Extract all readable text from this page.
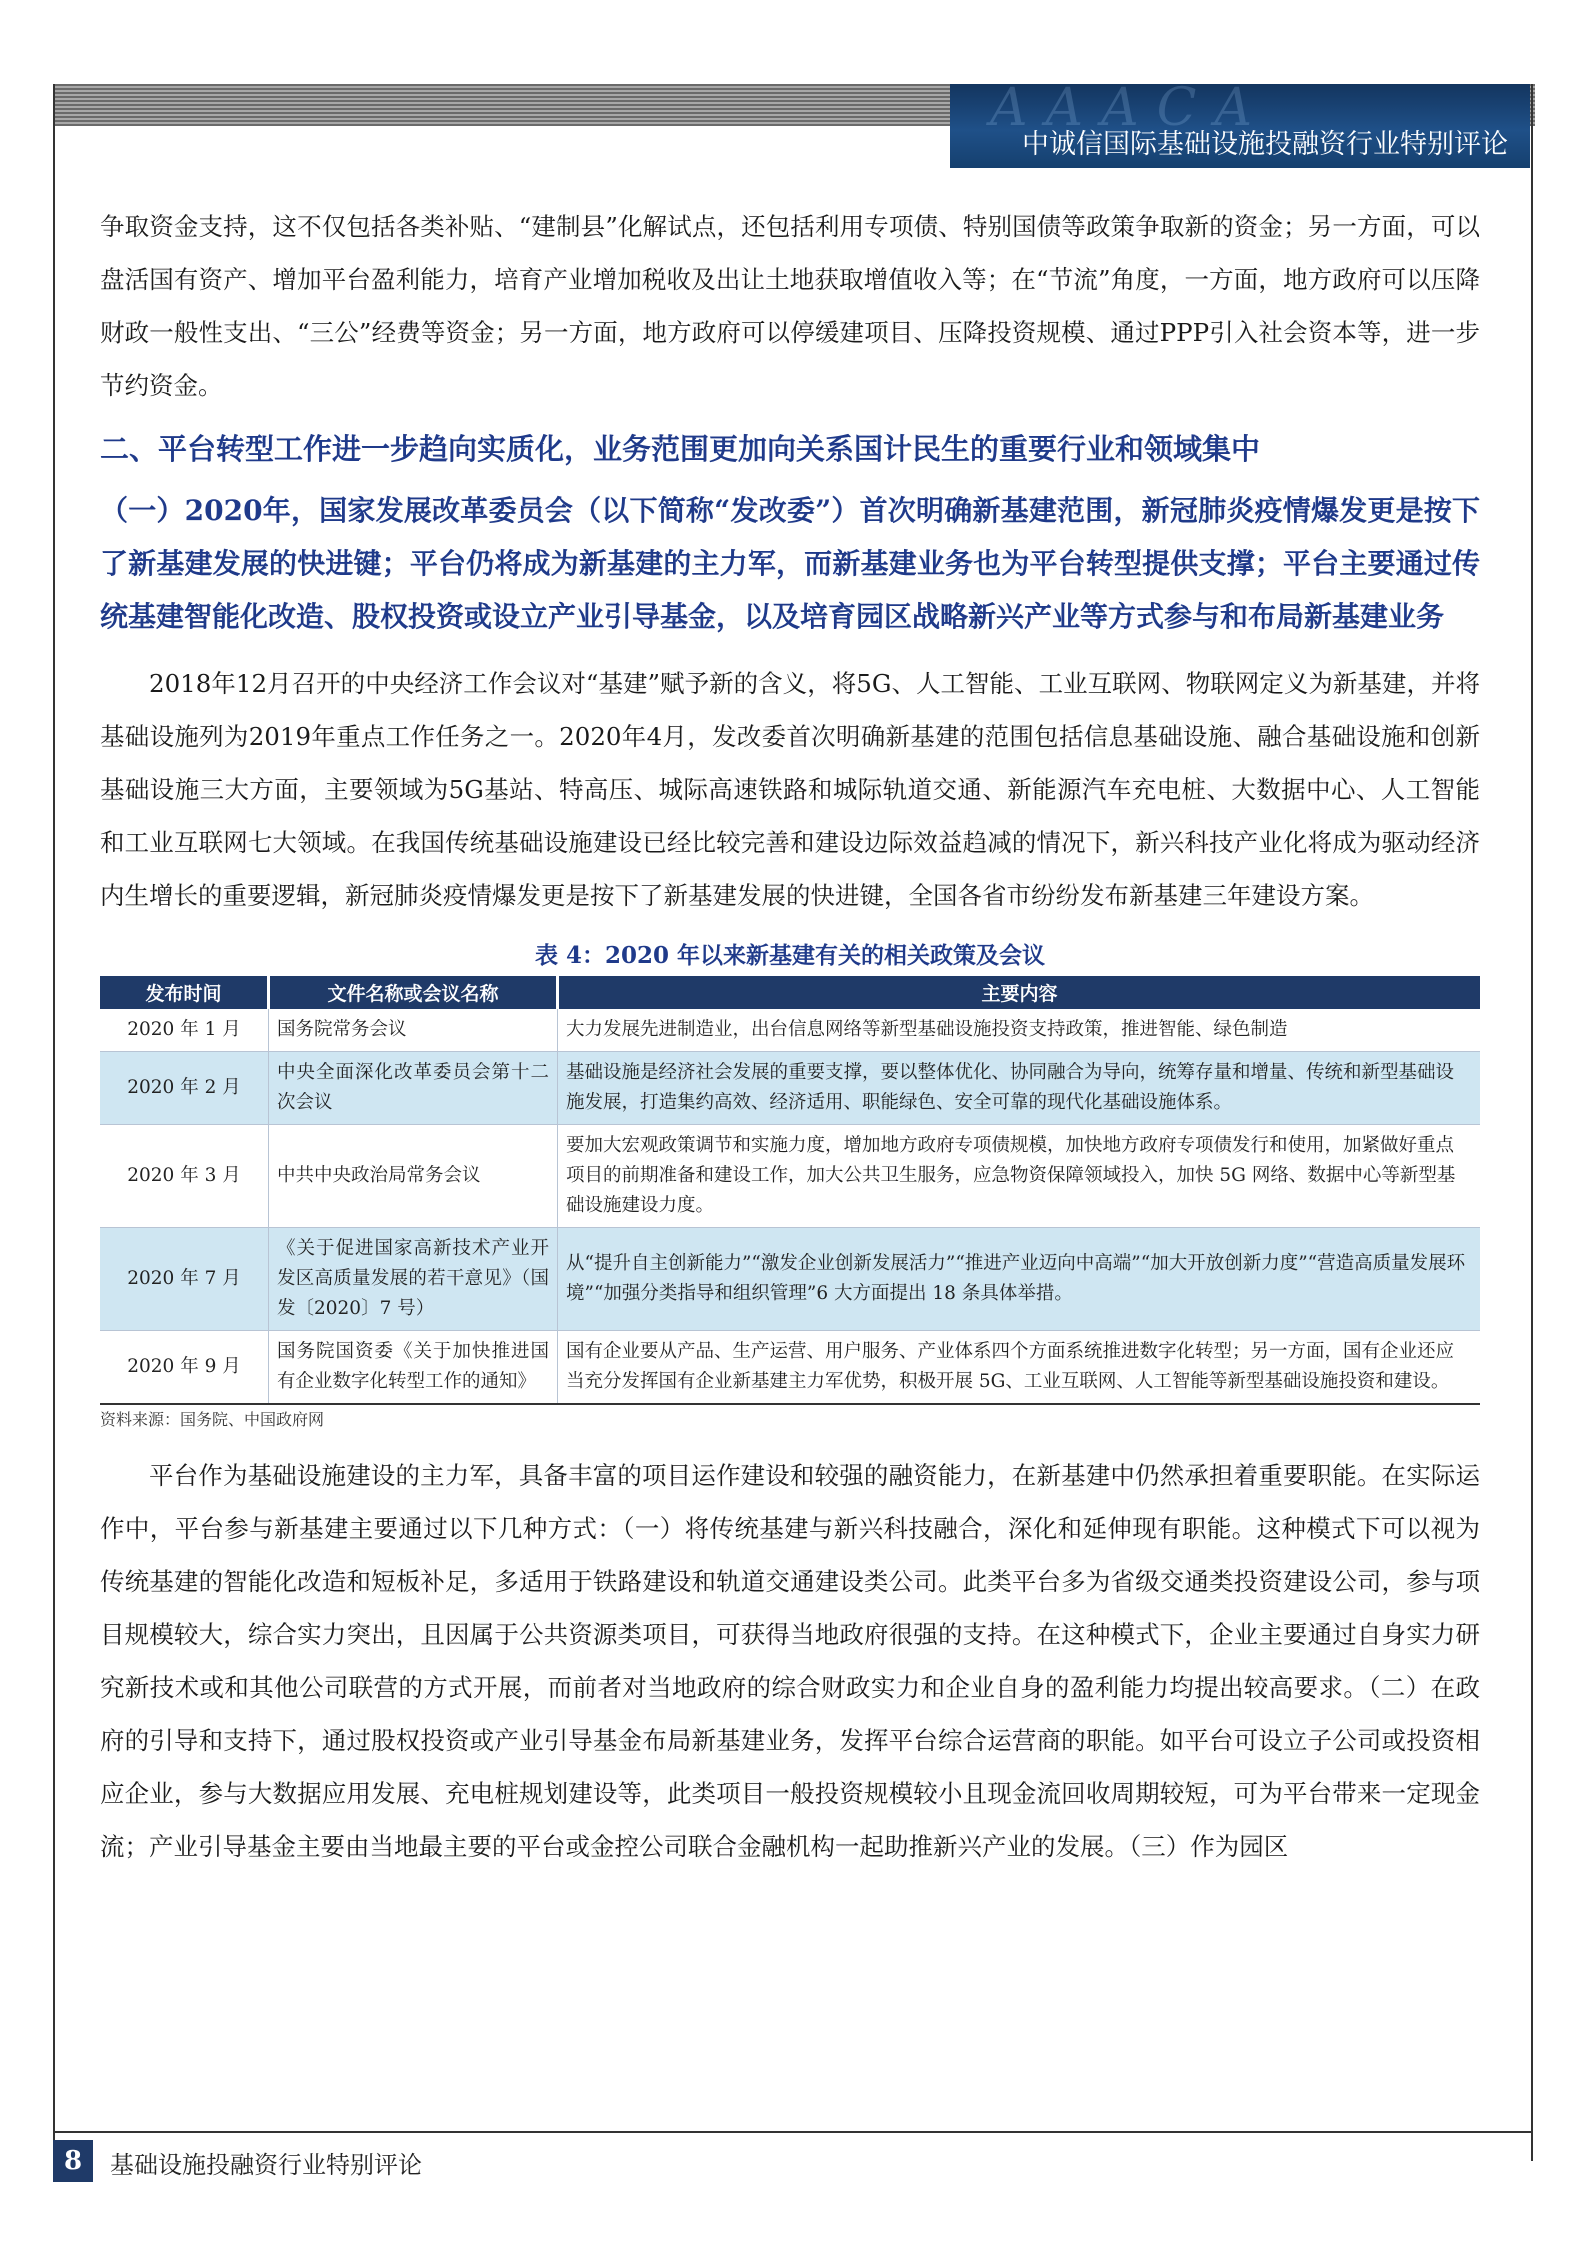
AAACA
中诚信国际基础设施投融资行业特别评论

争取资金支持，这不仅包括各类补贴、“建制县”化解试点，还包括利用专项债、特别国债等政策争取新的资金；另一方面，可以盘活国有资产、增加平台盈利能力，培育产业增加税收及出让土地获取增值收入等；在“节流”角度，一方面，地方政府可以压降财政一般性支出、“三公”经费等资金；另一方面，地方政府可以停缓建项目、压降投资规模、通过PPP引入社会资本等，进一步节约资金。

二、平台转型工作进一步趋向实质化，业务范围更加向关系国计民生的重要行业和领域集中
（一）2020年，国家发展改革委员会（以下简称“发改委”）首次明确新基建范围，新冠肺炎疫情爆发更是按下了新基建发展的快进键；平台仍将成为新基建的主力军，而新基建业务也为平台转型提供支撑；平台主要通过传统基建智能化改造、股权投资或设立产业引导基金，以及培育园区战略新兴产业等方式参与和布局新基建业务

2018年12月召开的中央经济工作会议对“基建”赋予新的含义，将5G、人工智能、工业互联网、物联网定义为新基建，并将基础设施列为2019年重点工作任务之一。2020年4月，发改委首次明确新基建的范围包括信息基础设施、融合基础设施和创新基础设施三大方面，主要领域为5G基站、特高压、城际高速铁路和城际轨道交通、新能源汽车充电桩、大数据中心、人工智能和工业互联网七大领域。在我国传统基础设施建设已经比较完善和建设边际效益趋减的情况下，新兴科技产业化将成为驱动经济内生增长的重要逻辑，新冠肺炎疫情爆发更是按下了新基建发展的快进键，全国各省市纷纷发布新基建三年建设方案。

表 4：2020 年以来新基建有关的相关政策及会议
发布时间	文件名称或会议名称	主要内容
2020 年 1 月	国务院常务会议	大力发展先进制造业，出台信息网络等新型基础设施投资支持政策，推进智能、绿色制造
2020 年 2 月	中央全面深化改革委员会第十二次会议	基础设施是经济社会发展的重要支撑，要以整体优化、协同融合为导向，统筹存量和增量、传统和新型基础设施发展，打造集约高效、经济适用、职能绿色、安全可靠的现代化基础设施体系。
2020 年 3 月	中共中央政治局常务会议	要加大宏观政策调节和实施力度，增加地方政府专项债规模，加快地方政府专项债发行和使用，加紧做好重点项目的前期准备和建设工作，加大公共卫生服务，应急物资保障领域投入，加快 5G 网络、数据中心等新型基础设施建设力度。
2020 年 7 月	《关于促进国家高新技术产业开发区高质量发展的若干意见》（国发〔2020〕7 号）	从“提升自主创新能力”“激发企业创新发展活力”“推进产业迈向中高端”“加大开放创新力度”“营造高质量发展环境”“加强分类指导和组织管理”6 大方面提出 18 条具体举措。
2020 年 9 月	国务院国资委《关于加快推进国有企业数字化转型工作的通知》	国有企业要从产品、生产运营、用户服务、产业体系四个方面系统推进数字化转型；另一方面，国有企业还应当充分发挥国有企业新基建主力军优势，积极开展 5G、工业互联网、人工智能等新型基础设施投资和建设。
资料来源：国务院、中国政府网

平台作为基础设施建设的主力军，具备丰富的项目运作建设和较强的融资能力，在新基建中仍然承担着重要职能。在实际运作中，平台参与新基建主要通过以下几种方式：（一）将传统基建与新兴科技融合，深化和延伸现有职能。这种模式下可以视为传统基建的智能化改造和短板补足，多适用于铁路建设和轨道交通建设类公司。此类平台多为省级交通类投资建设公司，参与项目规模较大，综合实力突出，且因属于公共资源类项目，可获得当地政府很强的支持。在这种模式下，企业主要通过自身实力研究新技术或和其他公司联营的方式开展，而前者对当地政府的综合财政实力和企业自身的盈利能力均提出较高要求。（二）在政府的引导和支持下，通过股权投资或产业引导基金布局新基建业务，发挥平台综合运营商的职能。如平台可设立子公司或投资相应企业，参与大数据应用发展、充电桩规划建设等，此类项目一般投资规模较小且现金流回收周期较短，可为平台带来一定现金流；产业引导基金主要由当地最主要的平台或金控公司联合金融机构一起助推新兴产业的发展。（三）作为园区

8	基础设施投融资行业特别评论
